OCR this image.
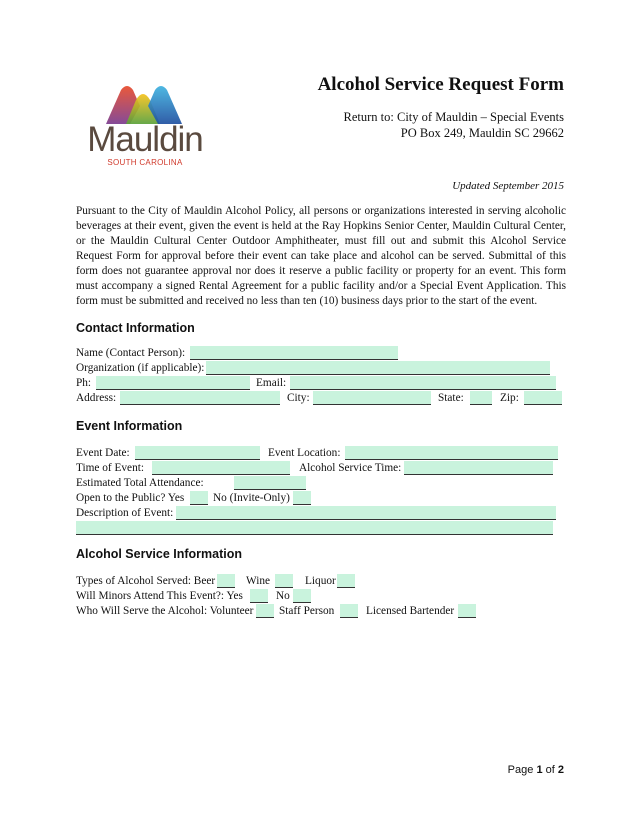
Mauldin
SOUTH CAROLINA
Alcohol Service Request Form
Return to: City of Mauldin – Special Events
PO Box 249, Mauldin SC 29662
Updated September 2015
Pursuant to the City of Mauldin Alcohol Policy, all persons or organizations interested in serving alcoholic beverages at their event, given the event is held at the Ray Hopkins Senior Center, Mauldin Cultural Center, or the Mauldin Cultural Center Outdoor Amphitheater, must fill out and submit this Alcohol Service Request Form for approval before their event can take place and alcohol can be served. Submittal of this form does not guarantee approval nor does it reserve a public facility or property for an event. This form must accompany a signed Rental Agreement for a public facility and/or a Special Event Application. This form must be submitted and received no less than ten (10) business days prior to the start of the event.
Contact Information
Name (Contact Person):
Organization (if applicable):
Ph:	Email:
Address:	City:	State:	Zip:
Event Information
Event Date:	Event Location:
Time of Event:	Alcohol Service Time:
Estimated Total Attendance:
Open to the Public? Yes	No (Invite-Only)
Description of Event:
Alcohol Service Information
Types of Alcohol Served: Beer	Wine	Liquor
Will Minors Attend This Event?: Yes	No
Who Will Serve the Alcohol: Volunteer Staff Person	Licensed Bartender
Page 1 of 2
